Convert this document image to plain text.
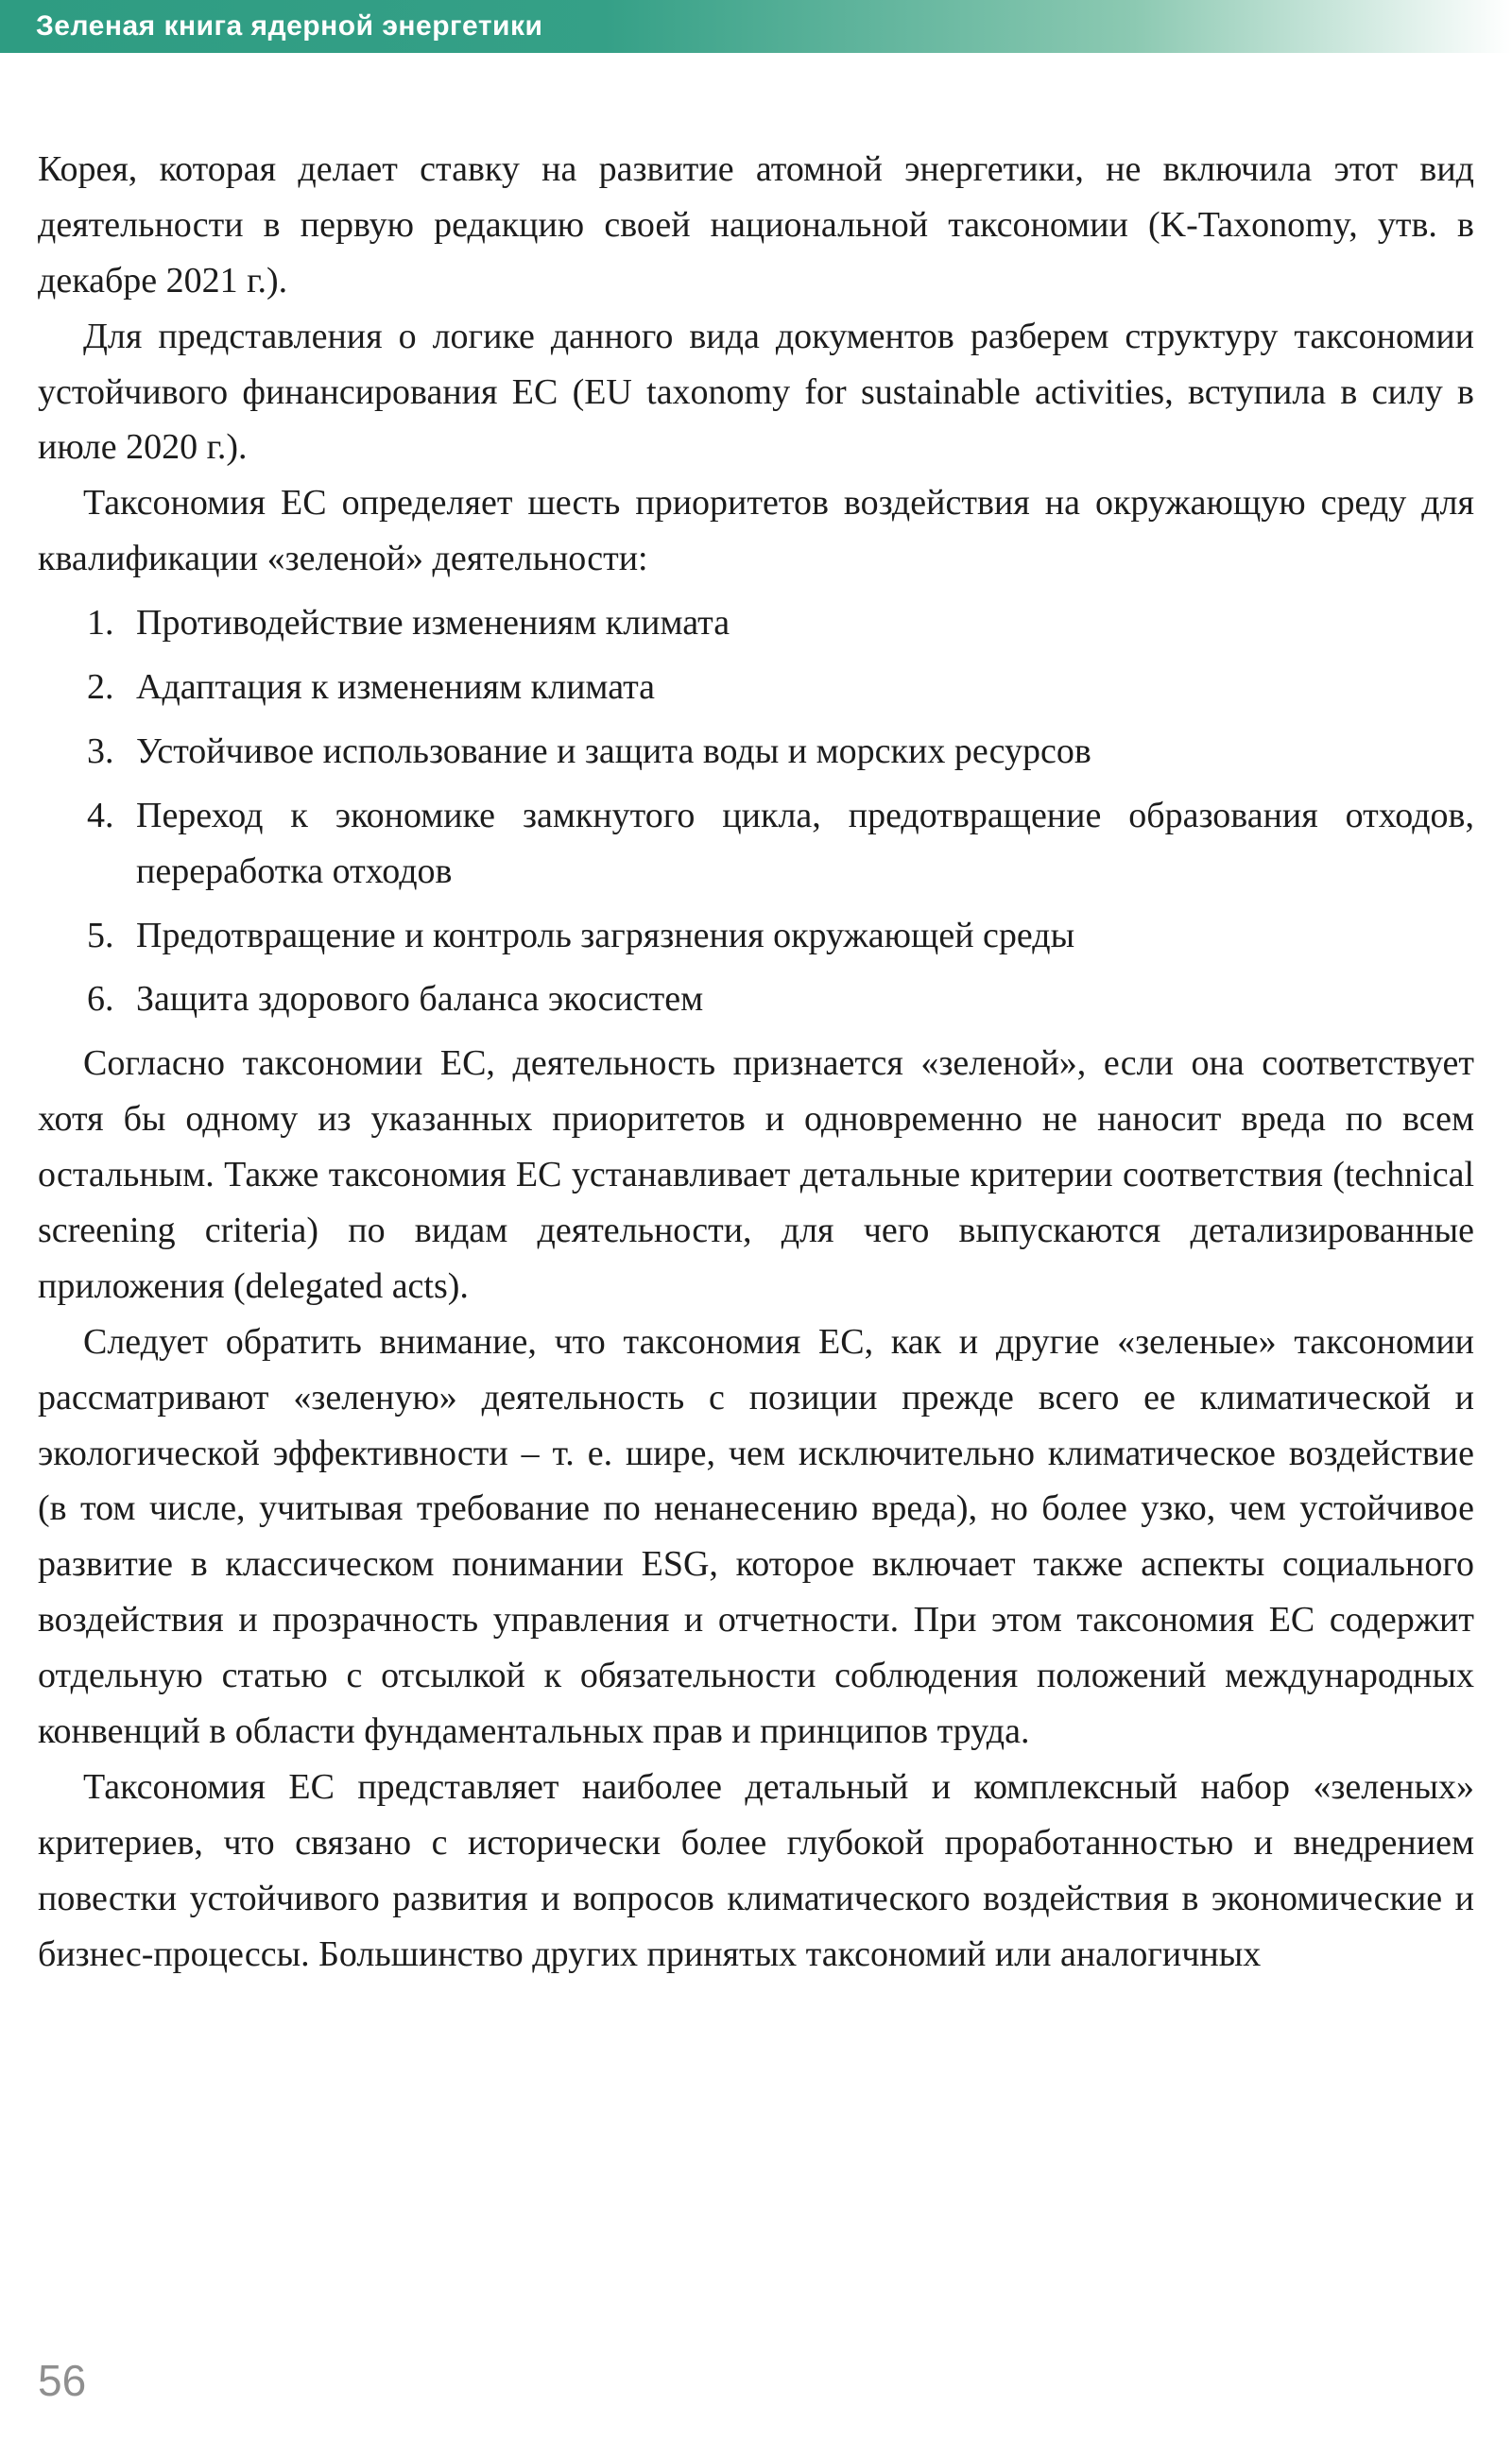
Зеленая книга ядерной энергетики

Корея, которая делает ставку на развитие атомной энергетики, не включила этот вид деятельности в первую редакцию своей национальной таксономии (K-Taxonomy, утв. в декабре 2021 г.).

Для представления о логике данного вида документов разберем структуру таксономии устойчивого финансирования ЕС (EU taxonomy for sustainable activities, вступила в силу в июле 2020 г.).

Таксономия ЕС определяет шесть приоритетов воздействия на окружающую среду для квалификации «зеленой» деятельности:

1. Противодействие изменениям климата
2. Адаптация к изменениям климата
3. Устойчивое использование и защита воды и морских ресурсов
4. Переход к экономике замкнутого цикла, предотвращение образования отходов, переработка отходов
5. Предотвращение и контроль загрязнения окружающей среды
6. Защита здорового баланса экосистем

Согласно таксономии ЕС, деятельность признается «зеленой», если она соответствует хотя бы одному из указанных приоритетов и одновременно не наносит вреда по всем остальным. Также таксономия ЕС устанавливает детальные критерии соответствия (technical screening criteria) по видам деятельности, для чего выпускаются детализированные приложения (delegated acts).

Следует обратить внимание, что таксономия ЕС, как и другие «зеленые» таксономии рассматривают «зеленую» деятельность с позиции прежде всего ее климатической и экологической эффективности – т. е. шире, чем исключительно климатическое воздействие (в том числе, учитывая требование по ненанесению вреда), но более узко, чем устойчивое развитие в классическом понимании ESG, которое включает также аспекты социального воздействия и прозрачность управления и отчетности. При этом таксономия ЕС содержит отдельную статью с отсылкой к обязательности соблюдения положений международных конвенций в области фундаментальных прав и принципов труда.

Таксономия ЕС представляет наиболее детальный и комплексный набор «зеленых» критериев, что связано с исторически более глубокой проработанностью и внедрением повестки устойчивого развития и вопросов климатического воздействия в экономические и бизнес-процессы. Большинство других принятых таксономий или аналогичных

56
